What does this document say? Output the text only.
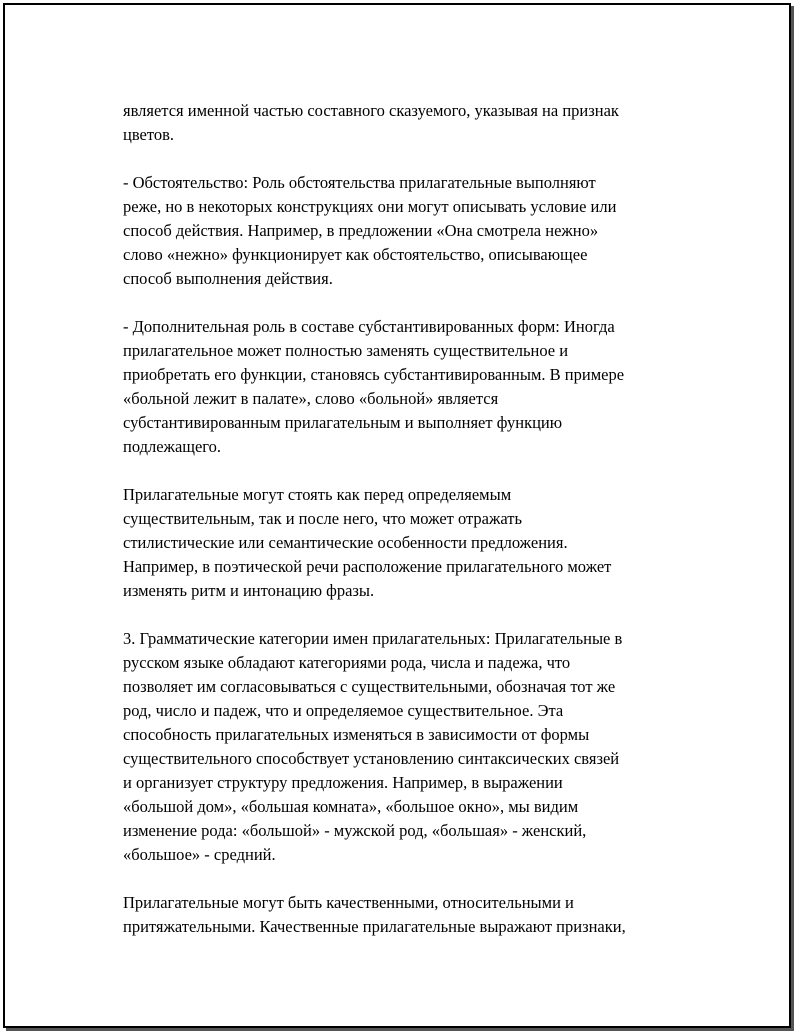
является именной частью составного сказуемого, указывая на признак
цветов.

- Обстоятельство: Роль обстоятельства прилагательные выполняют
реже, но в некоторых конструкциях они могут описывать условие или
способ действия. Например, в предложении «Она смотрела нежно»
слово «нежно» функционирует как обстоятельство, описывающее
способ выполнения действия.

- Дополнительная роль в составе субстантивированных форм: Иногда
прилагательное может полностью заменять существительное и
приобретать его функции, становясь субстантивированным. В примере
«больной лежит в палате», слово «больной» является
субстантивированным прилагательным и выполняет функцию
подлежащего.

Прилагательные могут стоять как перед определяемым
существительным, так и после него, что может отражать
стилистические или семантические особенности предложения.
Например, в поэтической речи расположение прилагательного может
изменять ритм и интонацию фразы.

3. Грамматические категории имен прилагательных: Прилагательные в
русском языке обладают категориями рода, числа и падежа, что
позволяет им согласовываться с существительными, обозначая тот же
род, число и падеж, что и определяемое существительное. Эта
способность прилагательных изменяться в зависимости от формы
существительного способствует установлению синтаксических связей
и организует структуру предложения. Например, в выражении
«большой дом», «большая комната», «большое окно», мы видим
изменение рода: «большой» - мужской род, «большая» - женский,
«большое» - средний.

Прилагательные могут быть качественными, относительными и
притяжательными. Качественные прилагательные выражают признаки,
